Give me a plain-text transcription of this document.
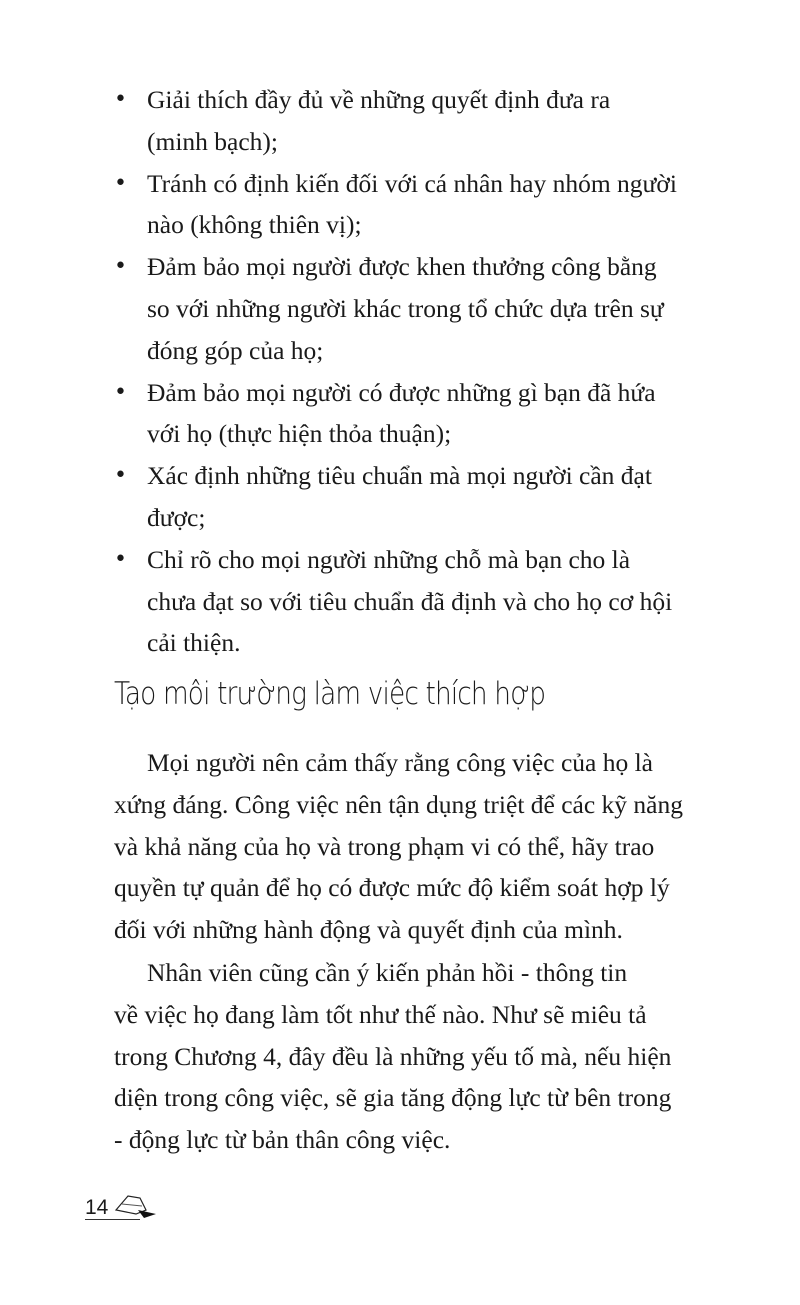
• Giải thích đầy đủ về những quyết định đưa ra
(minh bạch);
• Tránh có định kiến đối với cá nhân hay nhóm người
nào (không thiên vị);
• Đảm bảo mọi người được khen thưởng công bằng
so với những người khác trong tổ chức dựa trên sự
đóng góp của họ;
• Đảm bảo mọi người có được những gì bạn đã hứa
với họ (thực hiện thỏa thuận);
• Xác định những tiêu chuẩn mà mọi người cần đạt
được;
• Chỉ rõ cho mọi người những chỗ mà bạn cho là
chưa đạt so với tiêu chuẩn đã định và cho họ cơ hội
cải thiện.
Mọi người nên cảm thấy rằng công việc của họ là
xứng đáng. Công việc nên tận dụng triệt để các kỹ năng
và khả năng của họ và trong phạm vi có thể, hãy trao
quyền tự quản để họ có được mức độ kiểm soát hợp lý
đối với những hành động và quyết định của mình.
Nhân viên cũng cần ý kiến phản hồi - thông tin
về việc họ đang làm tốt như thế nào. Như sẽ miêu tả
trong Chương 4, đây đều là những yếu tố mà, nếu hiện
diện trong công việc, sẽ gia tăng động lực từ bên trong
- động lực từ bản thân công việc.
Tạo môi trường làm việc thích hợp
14
